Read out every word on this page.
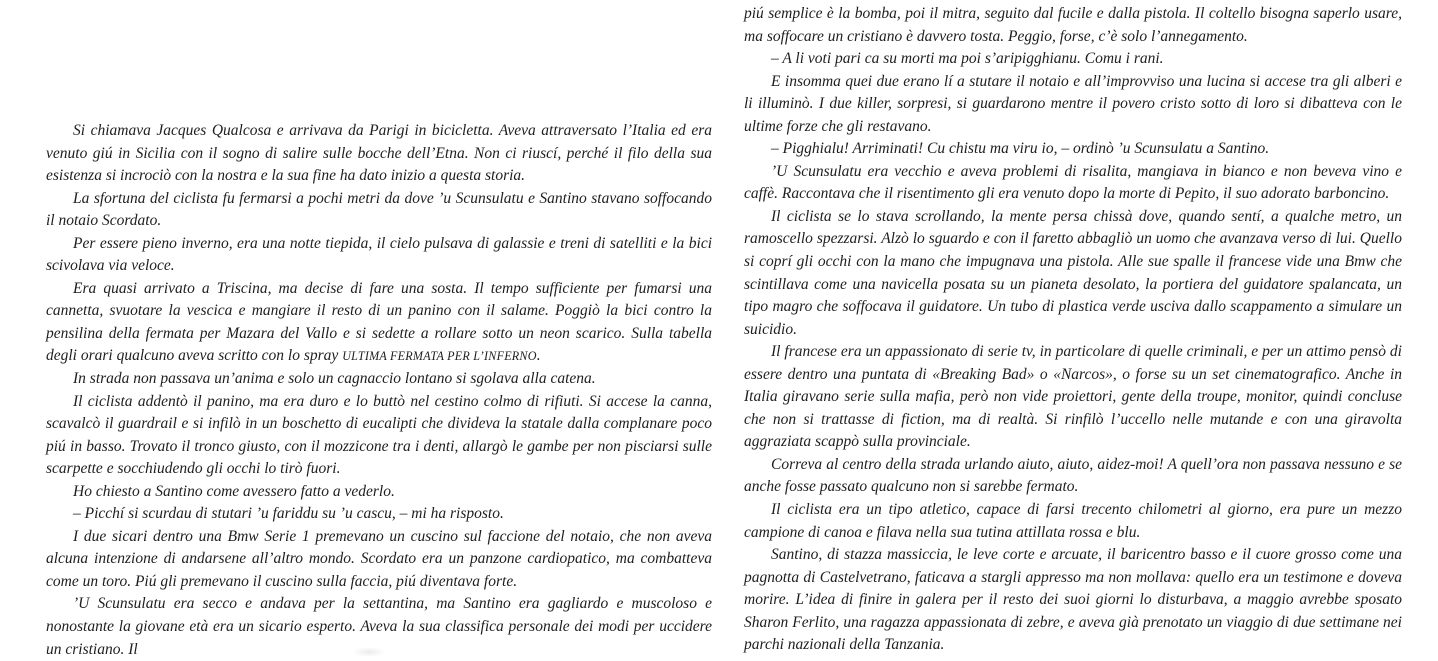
Si chiamava Jacques Qualcosa e arrivava da Parigi in bicicletta. Aveva attraversato l’Italia ed era venuto giú in Sicilia con il sogno di salire sulle bocche dell’Etna. Non ci riuscí, perché il filo della sua esistenza si incrociò con la nostra e la sua fine ha dato inizio a questa storia.

La sfortuna del ciclista fu fermarsi a pochi metri da dove ’u Scunsulatu e Santino stavano soffocando il notaio Scordato.

Per essere pieno inverno, era una notte tiepida, il cielo pulsava di galassie e treni di satelliti e la bici scivolava via veloce.

Era quasi arrivato a Triscina, ma decise di fare una sosta. Il tempo sufficiente per fumarsi una cannetta, svuotare la vescica e mangiare il resto di un panino con il salame. Poggiò la bici contro la pensilina della fermata per Mazara del Vallo e si sedette a rollare sotto un neon scarico. Sulla tabella degli orari qualcuno aveva scritto con lo spray ULTIMA FERMATA PER L’INFERNO.

In strada non passava un’anima e solo un cagnaccio lontano si sgolava alla catena.

Il ciclista addentò il panino, ma era duro e lo buttò nel cestino colmo di rifiuti. Si accese la canna, scavalcò il guardrail e si infilò in un boschetto di eucalipti che divideva la statale dalla complanare poco piú in basso. Trovato il tronco giusto, con il mozzicone tra i denti, allargò le gambe per non pisciarsi sulle scarpette e socchiudendo gli occhi lo tirò fuori.

Ho chiesto a Santino come avessero fatto a vederlo.

– Picchí si scurdau di stutari ’u fariddu su ’u cascu, – mi ha risposto.

I due sicari dentro una Bmw Serie 1 premevano un cuscino sul faccione del notaio, che non aveva alcuna intenzione di andarsene all’altro mondo. Scordato era un panzone cardiopatico, ma combatteva come un toro. Piú gli premevano il cuscino sulla faccia, piú diventava forte.

’U Scunsulatu era secco e andava per la settantina, ma Santino era gagliardo e muscoloso e nonostante la giovane età era un sicario esperto. Aveva la sua classifica personale dei modi per uccidere un cristiano. Il

piú semplice è la bomba, poi il mitra, seguito dal fucile e dalla pistola. Il coltello bisogna saperlo usare, ma soffocare un cristiano è davvero tosta. Peggio, forse, c’è solo l’annegamento.

– A li voti pari ca su morti ma poi s’aripigghianu. Comu i rani.

E insomma quei due erano lí a stutare il notaio e all’improvviso una lucina si accese tra gli alberi e li illuminò. I due killer, sorpresi, si guardarono mentre il povero cristo sotto di loro si dibatteva con le ultime forze che gli restavano.

– Pigghialu! Arriminati! Cu chistu ma viru io, – ordinò ’u Scunsulatu a Santino.

’U Scunsulatu era vecchio e aveva problemi di risalita, mangiava in bianco e non beveva vino e caffè. Raccontava che il risentimento gli era venuto dopo la morte di Pepito, il suo adorato barboncino.

Il ciclista se lo stava scrollando, la mente persa chissà dove, quando sentí, a qualche metro, un ramoscello spezzarsi. Alzò lo sguardo e con il faretto abbagliò un uomo che avanzava verso di lui. Quello si coprí gli occhi con la mano che impugnava una pistola. Alle sue spalle il francese vide una Bmw che scintillava come una navicella posata su un pianeta desolato, la portiera del guidatore spalancata, un tipo magro che soffocava il guidatore. Un tubo di plastica verde usciva dallo scappamento a simulare un suicidio.

Il francese era un appassionato di serie tv, in particolare di quelle criminali, e per un attimo pensò di essere dentro una puntata di «Breaking Bad» o «Narcos», o forse su un set cinematografico. Anche in Italia giravano serie sulla mafia, però non vide proiettori, gente della troupe, monitor, quindi concluse che non si trattasse di fiction, ma di realtà. Si rinfilò l’uccello nelle mutande e con una giravolta aggraziata scappò sulla provinciale.

Correva al centro della strada urlando aiuto, aiuto, aidez-moi! A quell’ora non passava nessuno e se anche fosse passato qualcuno non si sarebbe fermato.

Il ciclista era un tipo atletico, capace di farsi trecento chilometri al giorno, era pure un mezzo campione di canoa e filava nella sua tutina attillata rossa e blu.

Santino, di stazza massiccia, le leve corte e arcuate, il baricentro basso e il cuore grosso come una pagnotta di Castelvetrano, faticava a stargli appresso ma non mollava: quello era un testimone e doveva morire. L’idea di finire in galera per il resto dei suoi giorni lo disturbava, a maggio avrebbe sposato Sharon Ferlito, una ragazza appassionata di zebre, e aveva già prenotato un viaggio di due settimane nei parchi nazionali della Tanzania.
